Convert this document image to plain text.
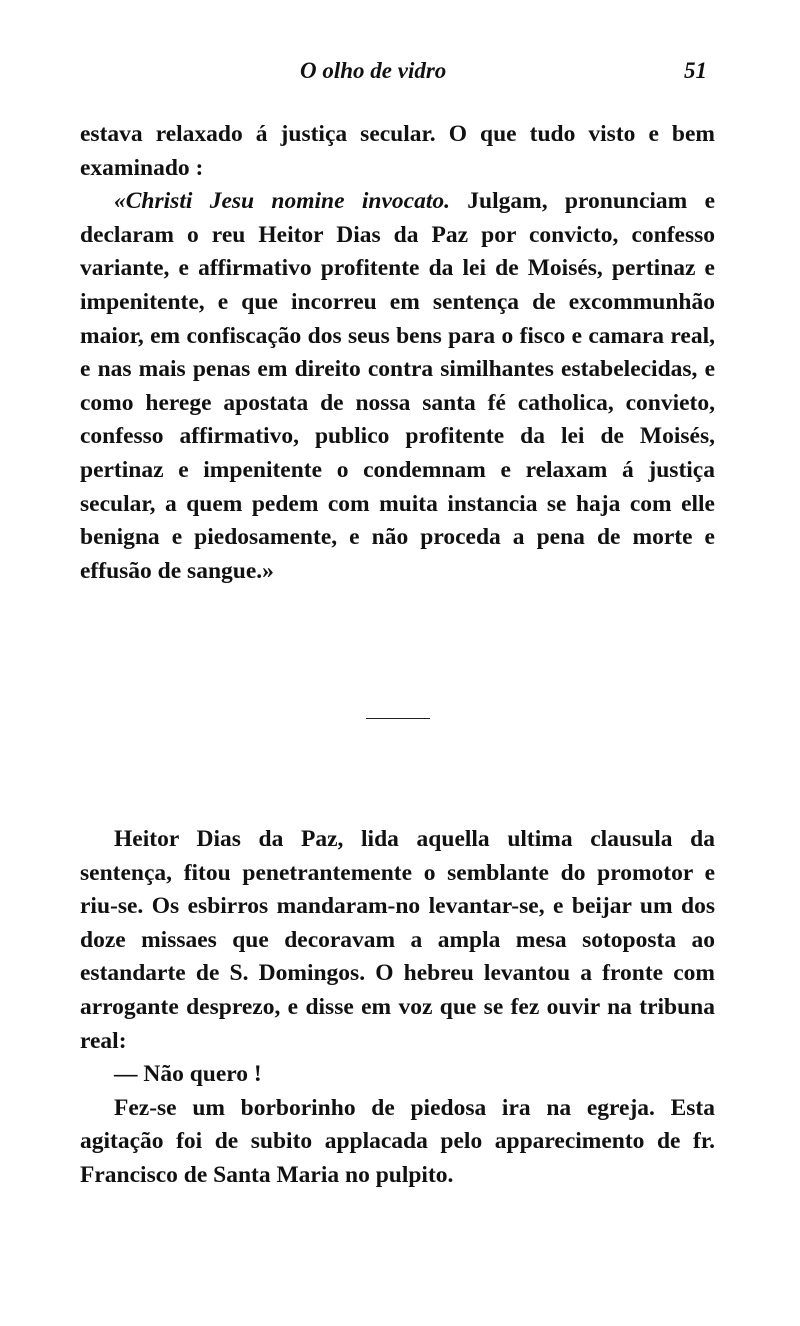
O olho de vidro	51

estava relaxado á justiça secular. O que tudo visto e bem examinado :

«Christi Jesu nomine invocato. Julgam, pronunciam e declaram o reu Heitor Dias da Paz por convicto, confesso variante, e affirmativo profitente da lei de Moisés, pertinaz e impenitente, e que incorreu em sentença de excommunhão maior, em confiscação dos seus bens para o fisco e camara real, e nas mais penas em direito contra similhantes estabelecidas, e como herege apostata de nossa santa fé catholica, convieto, confesso affirmativo, publico profitente da lei de Moisés, pertinaz e impenitente o condemnam e relaxam á justiça secular, a quem pedem com muita instancia se haja com elle benigna e piedosamente, e não proceda a pena de morte e effusão de sangue.»

Heitor Dias da Paz, lida aquella ultima clausula da sentença, fitou penetrantemente o semblante do promotor e riu-se. Os esbirros mandaram-no levantar-se, e beijar um dos doze missaes que decoravam a ampla mesa sotoposta ao estandarte de S. Domingos. O hebreu levantou a fronte com arrogante desprezo, e disse em voz que se fez ouvir na tribuna real:

— Não quero !

Fez-se um borborinho de piedosa ira na egreja. Esta agitação foi de subito applacada pelo apparecimento de fr. Francisco de Santa Maria no pulpito.
